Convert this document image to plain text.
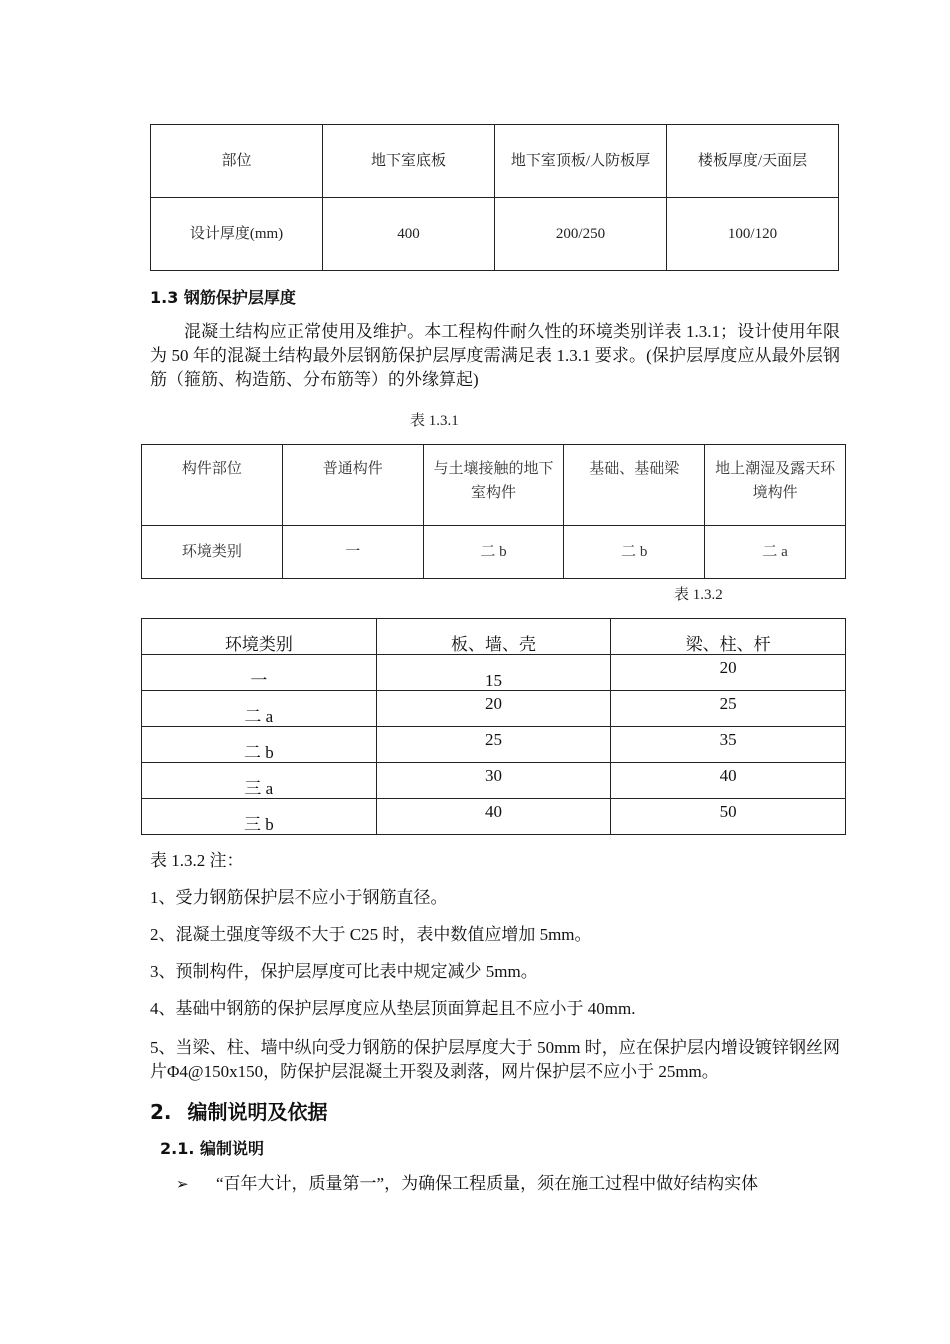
部位	地下室底板	地下室顶板/人防板厚	楼板厚度/天面层
设计厚度(mm)	400	200/250	100/120
1.3 钢筋保护层厚度
混凝土结构应正常使用及维护。本工程构件耐久性的环境类别详表 1.3.1；设计使用年限为 50 年的混凝土结构最外层钢筋保护层厚度需满足表 1.3.1 要求。(保护层厚度应从最外层钢筋（箍筋、构造筋、分布筋等）的外缘算起)
表 1.3.1
构件部位	普通构件	与土壤接触的地下室构件	基础、基础梁	地上潮湿及露天环境构件
环境类别	一	二 b	二 b	二 a
表 1.3.2
环境类别	板、墙、壳	梁、柱、杆

一	15	20

二 a	20	25

二 b	25	35

三 a	30	40

三 b	40	50
表 1.3.2 注：
1、受力钢筋保护层不应小于钢筋直径。
2、混凝土强度等级不大于 C25 时，表中数值应增加 5mm。
3、预制构件，保护层厚度可比表中规定减少 5mm。
4、基础中钢筋的保护层厚度应从垫层顶面算起且不应小于 40mm.
5、当梁、柱、墙中纵向受力钢筋的保护层厚度大于 50mm 时，应在保护层内增设镀锌钢丝网片Φ4@150x150，防保护层混凝土开裂及剥落，网片保护层不应小于 25mm。
2. 编制说明及依据
2.1. 编制说明
➢ “百年大计，质量第一”，为确保工程质量，须在施工过程中做好结构实体
